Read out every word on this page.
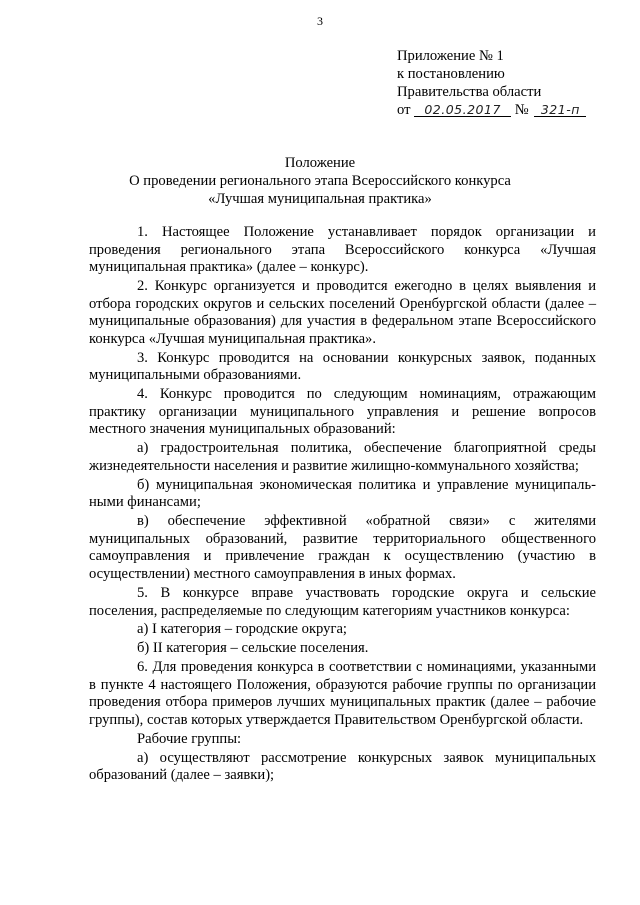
3
Приложение № 1
к постановлению
Правительства области
от 02.05.2017 № 321-п
Положение
О проведении регионального этапа Всероссийского конкурса
«Лучшая муниципальная практика»

1. Настоящее Положение устанавливает порядок организации и проведения регионального этапа Всероссийского конкурса «Лучшая муниципальная практика» (далее – конкурс).

2. Конкурс организуется и проводится ежегодно в целях выявления и отбора городских округов и сельских поселений Оренбургской области (далее – муниципальные образования) для участия в федеральном этапе Всероссийского конкурса «Лучшая муниципальная практика».

3. Конкурс проводится на основании конкурсных заявок, поданных муниципальными образованиями.

4. Конкурс проводится по следующим номинациям, отражающим практику организации муниципального управления и решение вопросов местного значения муниципальных образований:

а) градостроительная политика, обеспечение благоприятной среды жизнедеятельности населения и развитие жилищно-коммунального хозяйства;

б) муниципальная экономическая политика и управление муниципальными финансами;

в) обеспечение эффективной «обратной связи» с жителями муниципальных образований, развитие территориального общественного самоуправления и привлечение граждан к осуществлению (участию в осуществлении) местного самоуправления в иных формах.

5. В конкурсе вправе участвовать городские округа и сельские поселения, распределяемые по следующим категориям участников конкурса:

а) I категория – городские округа;

б) II категория – сельские поселения.

6. Для проведения конкурса в соответствии с номинациями, указанными в пункте 4 настоящего Положения, образуются рабочие группы по организации проведения отбора примеров лучших муниципальных практик (далее – рабочие группы), состав которых утверждается Правительством Оренбургской области.

Рабочие группы:

а) осуществляют рассмотрение конкурсных заявок муниципальных образований (далее – заявки);
